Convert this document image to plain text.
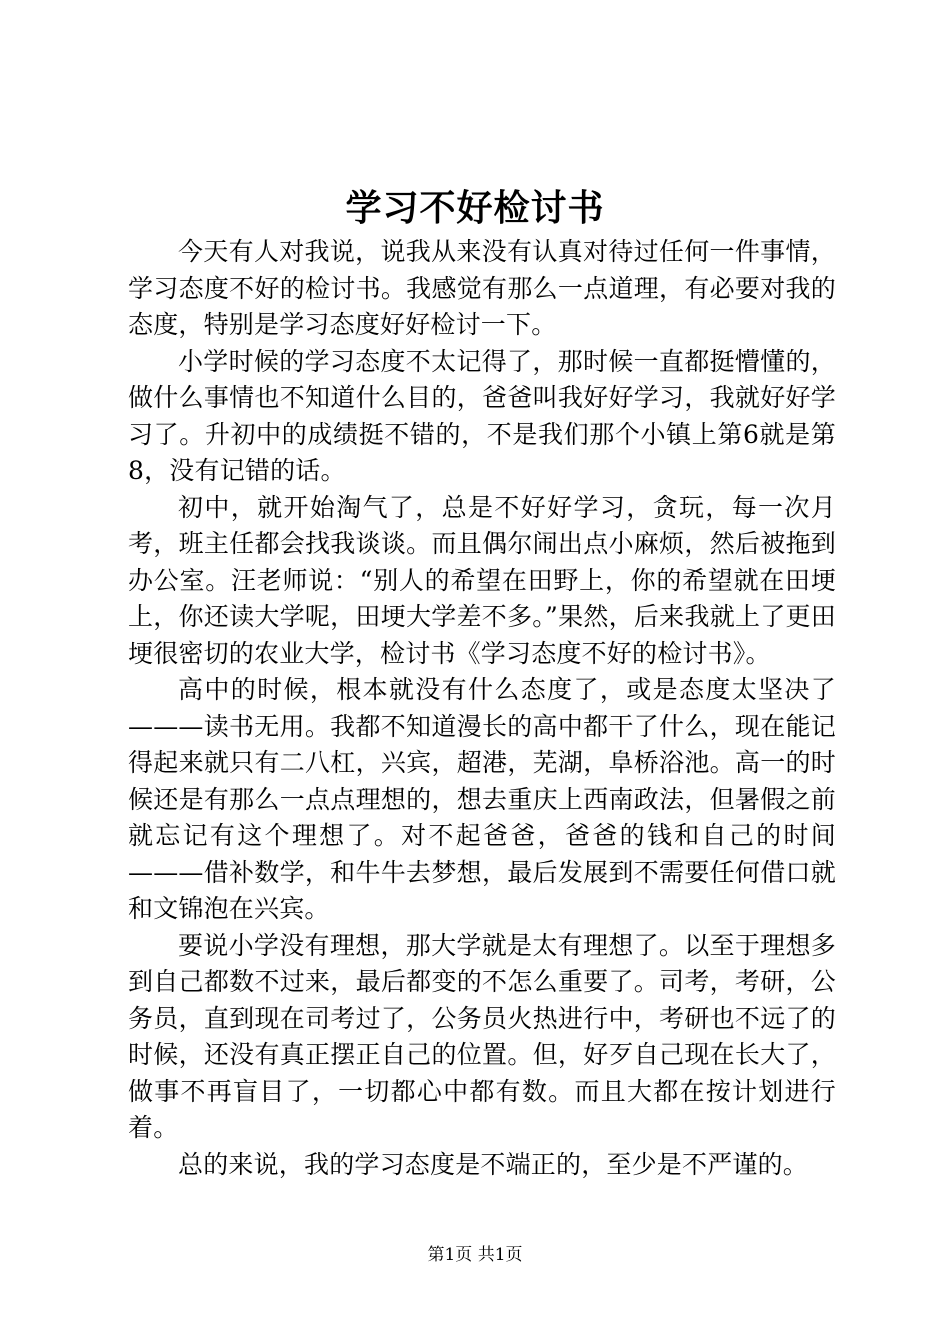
学习不好检讨书

今天有人对我说，说我从来没有认真对待过任何一件事情，学习态度不好的检讨书。我感觉有那么一点道理，有必要对我的态度，特别是学习态度好好检讨一下。

小学时候的学习态度不太记得了，那时候一直都挺懵懂的，做什么事情也不知道什么目的，爸爸叫我好好学习，我就好好学习了。升初中的成绩挺不错的，不是我们那个小镇上第6就是第8，没有记错的话。

初中，就开始淘气了，总是不好好学习，贪玩，每一次月考，班主任都会找我谈谈。而且偶尔闹出点小麻烦，然后被拖到办公室。汪老师说：“别人的希望在田野上，你的希望就在田埂上，你还读大学呢，田埂大学差不多。”果然，后来我就上了更田埂很密切的农业大学，检讨书《学习态度不好的检讨书》。

高中的时候，根本就没有什么态度了，或是态度太坚决了———读书无用。我都不知道漫长的高中都干了什么，现在能记得起来就只有二八杠，兴宾，超港，芜湖，阜桥浴池。高一的时候还是有那么一点点理想的，想去重庆上西南政法，但暑假之前就忘记有这个理想了。对不起爸爸，爸爸的钱和自己的时间———借补数学，和牛牛去梦想，最后发展到不需要任何借口就和文锦泡在兴宾。

要说小学没有理想，那大学就是太有理想了。以至于理想多到自己都数不过来，最后都变的不怎么重要了。司考，考研，公务员，直到现在司考过了，公务员火热进行中，考研也不远了的时候，还没有真正摆正自己的位置。但，好歹自己现在长大了，做事不再盲目了，一切都心中都有数。而且大都在按计划进行着。

总的来说，我的学习态度是不端正的，至少是不严谨的。

第1页 共1页
